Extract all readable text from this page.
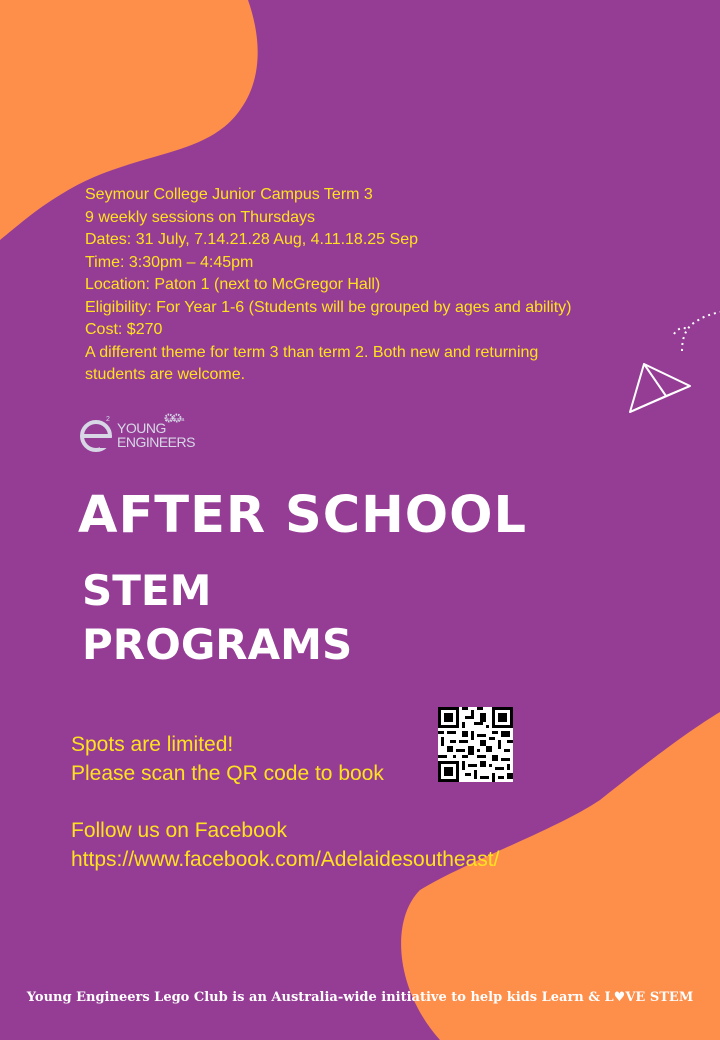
Seymour College Junior Campus Term 3
9 weekly sessions on Thursdays
Dates: 31 July, 7.14.21.28 Aug, 4.11.18.25 Sep
Time: 3:30pm – 4:45pm
Location: Paton 1 (next to McGregor Hall)
Eligibility: For Year 1-6 (Students will be grouped by ages and ability)
Cost: $270
A different theme for term 3 than term 2. Both new and returning
students are welcome.
2
YOUNG
ENGINEERS
Australia
AFTER SCHOOL
STEM
PROGRAMS
Spots are limited!
Please scan the QR code to book
Follow us on Facebook
https://www.facebook.com/Adelaidesoutheast/
Young Engineers Lego Club is an Australia-wide initiative to help kids Learn & L♥VE STEM
